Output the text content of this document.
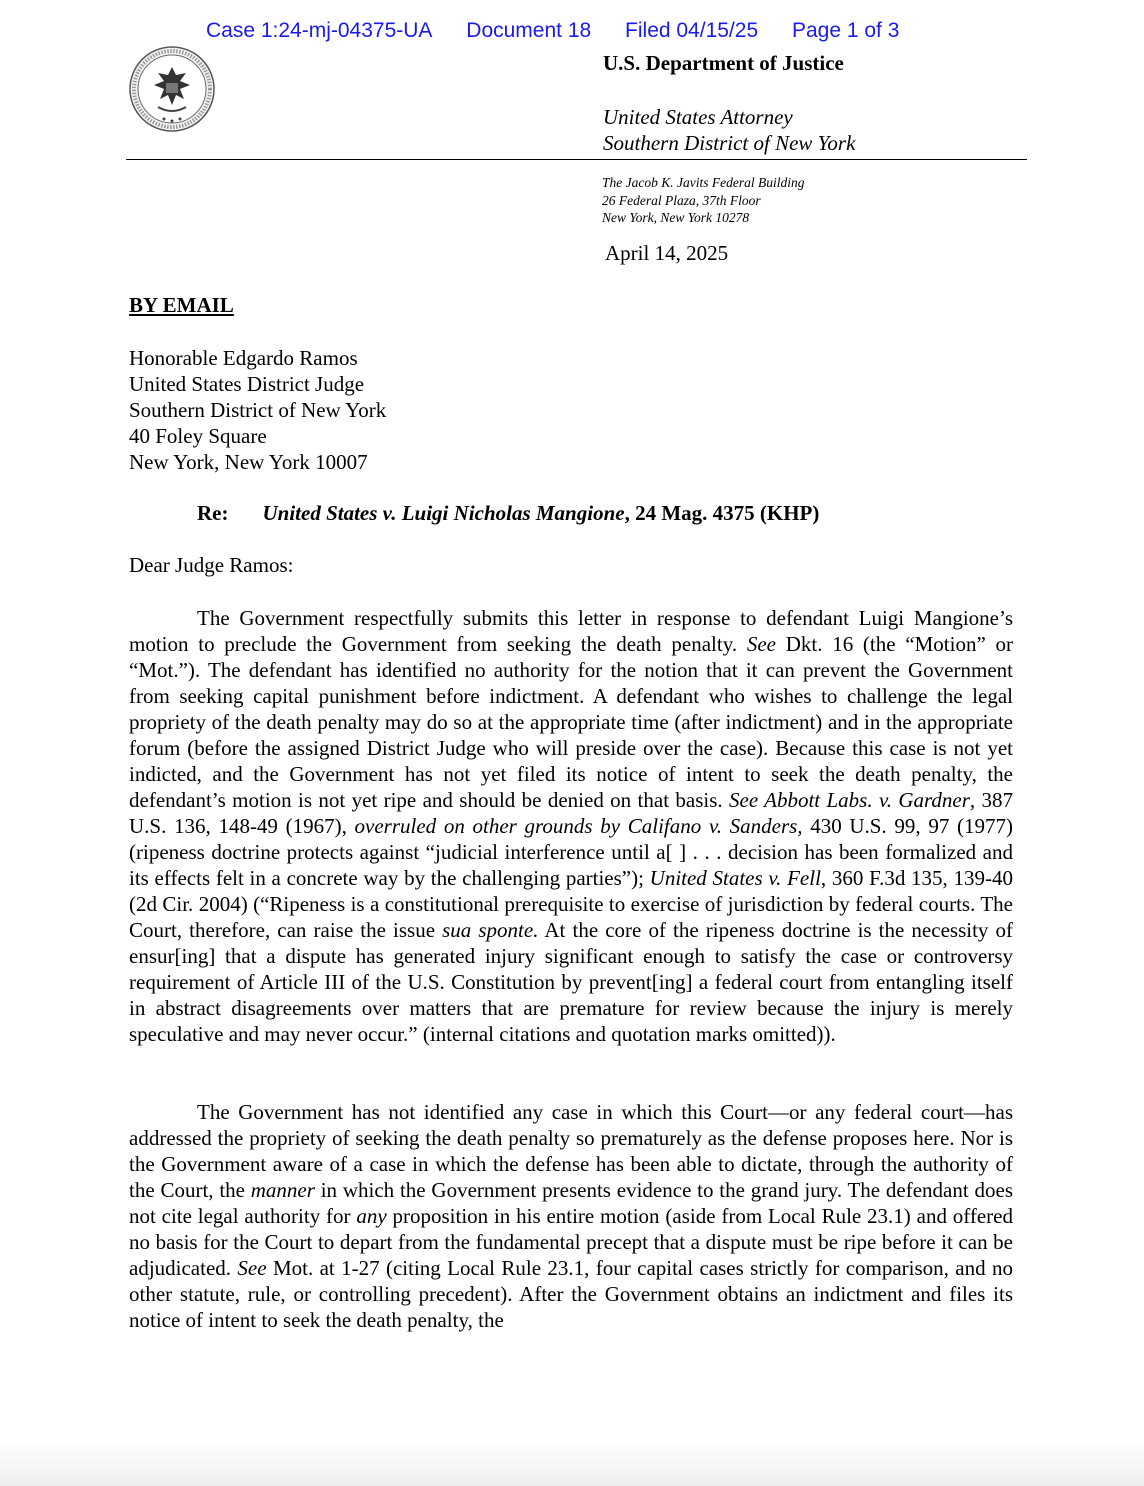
Case 1:24-mj-04375-UA Document 18 Filed 04/15/25 Page 1 of 3
U.S. Department of Justice
United States Attorney
Southern District of New York
The Jacob K. Javits Federal Building
26 Federal Plaza, 37th Floor
New York, New York 10278
April 14, 2025
BY EMAIL
Honorable Edgardo Ramos
United States District Judge
Southern District of New York
40 Foley Square
New York, New York 10007
Re: United States v. Luigi Nicholas Mangione, 24 Mag. 4375 (KHP)
Dear Judge Ramos:

The Government respectfully submits this letter in response to defendant Luigi Mangione’s motion to preclude the Government from seeking the death penalty. See Dkt. 16 (the “Motion” or “Mot.”). The defendant has identified no authority for the notion that it can prevent the Government from seeking capital punishment before indictment. A defendant who wishes to challenge the legal propriety of the death penalty may do so at the appropriate time (after indictment) and in the appropriate forum (before the assigned District Judge who will preside over the case). Because this case is not yet indicted, and the Government has not yet filed its notice of intent to seek the death penalty, the defendant’s motion is not yet ripe and should be denied on that basis. See Abbott Labs. v. Gardner, 387 U.S. 136, 148-49 (1967), overruled on other grounds by Califano v. Sanders, 430 U.S. 99, 97 (1977) (ripeness doctrine protects against “judicial interference until a[ ] . . . decision has been formalized and its effects felt in a concrete way by the challenging parties”); United States v. Fell, 360 F.3d 135, 139-40 (2d Cir. 2004) (“Ripeness is a constitutional prerequisite to exercise of jurisdiction by federal courts. The Court, therefore, can raise the issue sua sponte. At the core of the ripeness doctrine is the necessity of ensur[ing] that a dispute has generated injury significant enough to satisfy the case or controversy requirement of Article III of the U.S. Constitution by prevent[ing] a federal court from entangling itself in abstract disagreements over matters that are premature for review because the injury is merely speculative and may never occur.” (internal citations and quotation marks omitted)).

The Government has not identified any case in which this Court—or any federal court—has addressed the propriety of seeking the death penalty so prematurely as the defense proposes here. Nor is the Government aware of a case in which the defense has been able to dictate, through the authority of the Court, the manner in which the Government presents evidence to the grand jury. The defendant does not cite legal authority for any proposition in his entire motion (aside from Local Rule 23.1) and offered no basis for the Court to depart from the fundamental precept that a dispute must be ripe before it can be adjudicated. See Mot. at 1-27 (citing Local Rule 23.1, four capital cases strictly for comparison, and no other statute, rule, or controlling precedent). After the Government obtains an indictment and files its notice of intent to seek the death penalty, the
